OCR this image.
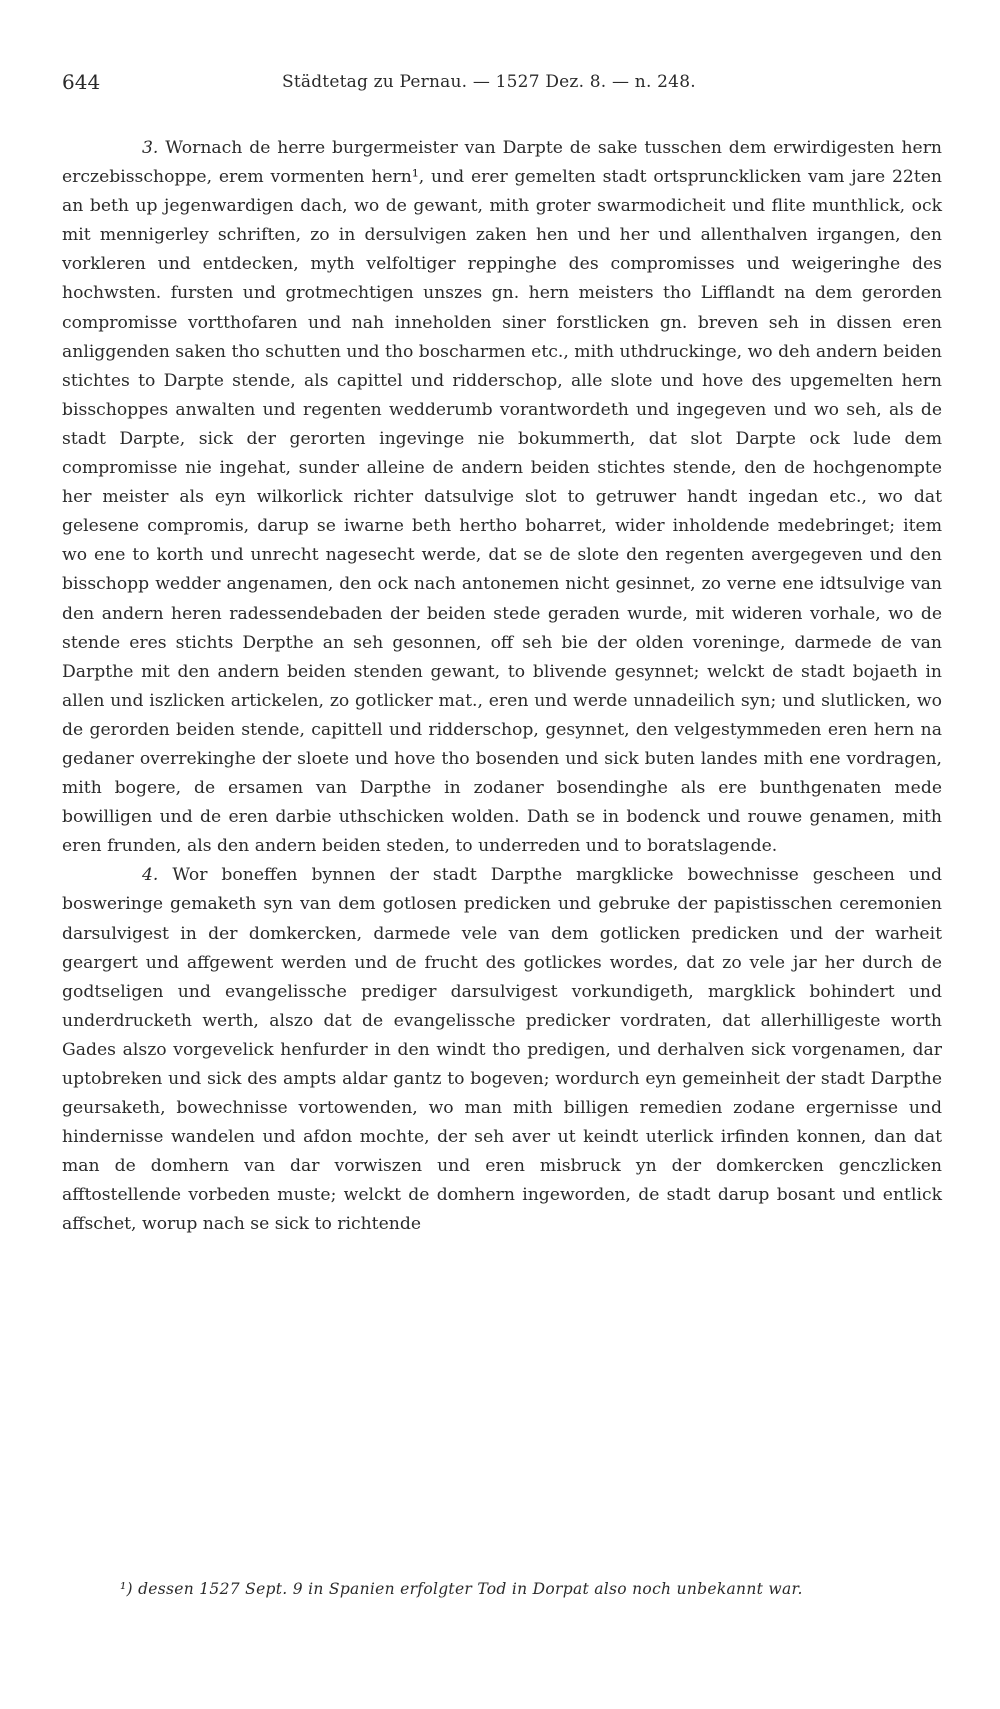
644	Städtetag zu Pernau. — 1527 Dez. 8. — n. 248.

3. Wornach de herre burgermeister van Darpte de sake tusschen dem erwirdigesten hern erczebisschoppe, erem vormenten hern¹, und erer gemelten stadt ortspruncklicken vam jare 22ten an beth up jegenwardigen dach, wo de gewant, mith groter swarmodicheit und flite munthlick, ock mit mennigerley schriften, zo in dersulvigen zaken hen und her und allenthalven irgangen, den vorkleren und entdecken, myth velfoltiger reppinghe des compromisses und weigeringhe des hochwsten. fursten und grotmechtigen unszes gn. hern meisters tho Lifflandt na dem gerorden compromisse vortthofaren und nah inneholden siner forstlicken gn. breven seh in dissen eren anliggenden saken tho schutten und tho boscharmen etc., mith uthdruckinge, wo deh andern beiden stichtes to Darpte stende, als capittel und ridderschop, alle slote und hove des upgemelten hern bisschoppes anwalten und regenten wedderumb vorantwordeth und ingegeven und wo seh, als de stadt Darpte, sick der gerorten ingevinge nie bokummerth, dat slot Darpte ock lude dem compromisse nie ingehat, sunder alleine de andern beiden stichtes stende, den de hochgenompte her meister als eyn wilkorlick richter datsulvige slot to getruwer handt ingedan etc., wo dat gelesene compromis, darup se iwarne beth hertho boharret, wider inholdende medebringet; item wo ene to korth und unrecht nagesecht werde, dat se de slote den regenten avergegeven und den bisschopp wedder angenamen, den ock nach antonemen nicht gesinnet, zo verne ene idtsulvige van den andern heren radessendebaden der beiden stede geraden wurde, mit wideren vorhale, wo de stende eres stichts Derpthe an seh gesonnen, off seh bie der olden voreninge, darmede de van Darpthe mit den andern beiden stenden gewant, to blivende gesynnet; welckt de stadt bojaeth in allen und iszlicken artickelen, zo gotlicker mat., eren und werde unnadeilich syn; und slutlicken, wo de gerorden beiden stende, capittell und ridderschop, gesynnet, den velgestymmeden eren hern na gedaner overrekinghe der sloete und hove tho bosenden und sick buten landes mith ene vordragen, mith bogere, de ersamen van Darpthe in zodaner bosendinghe als ere bunthgenaten mede bowilligen und de eren darbie uthschicken wolden. Dath se in bodenck und rouwe genamen, mith eren frunden, als den andern beiden steden, to underreden und to boratslagende.

4. Wor boneffen bynnen der stadt Darpthe margklicke bowechnisse gescheen und bosweringe gemaketh syn van dem gotlosen predicken und gebruke der papistisschen ceremonien darsulvigest in der domkercken, darmede vele van dem gotlicken predicken und der warheit geargert und affgewent werden und de frucht des gotlickes wordes, dat zo vele jar her durch de godtseligen und evangelissche prediger darsulvigest vorkundigeth, margklick bohindert und underdrucketh werth, alszo dat de evangelissche predicker vordraten, dat allerhilligeste worth Gades alszo vorgevelick henfurder in den windt tho predigen, und derhalven sick vorgenamen, dar uptobreken und sick des ampts aldar gantz to bogeven; wordurch eyn gemeinheit der stadt Darpthe geursaketh, bowechnisse vortowenden, wo man mith billigen remedien zodane ergernisse und hindernisse wandelen und afdon mochte, der seh aver ut keindt uterlick irfinden konnen, dan dat man de domhern van dar vorwiszen und eren misbruck yn der domkercken genczlicken afftostellende vorbeden muste; welckt de domhern ingeworden, de stadt darup bosant und entlick affschet, worup nach se sick to richtende

¹) dessen 1527 Sept. 9 in Spanien erfolgter Tod in Dorpat also noch unbekannt war.
